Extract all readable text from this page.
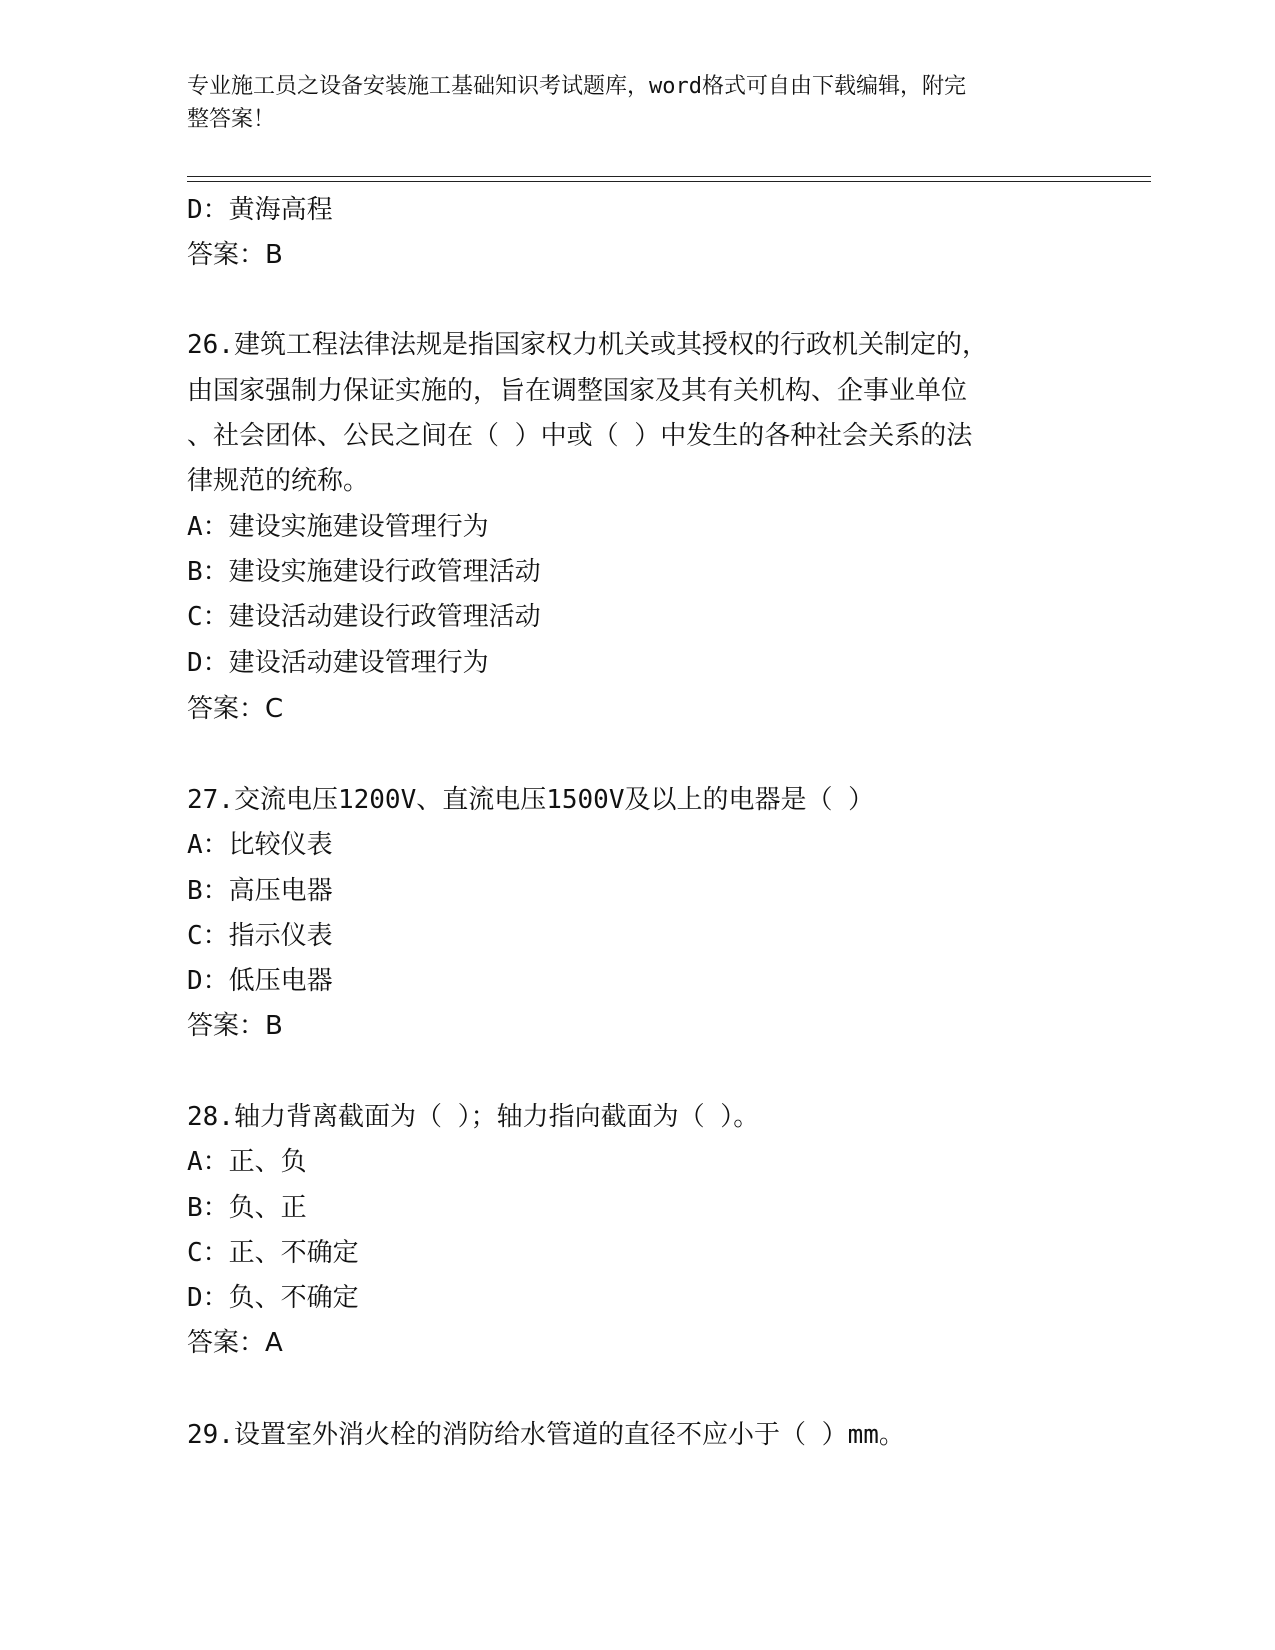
专业施工员之设备安装施工基础知识考试题库，word格式可自由下载编辑，附完
整答案！
D：黄海高程
答案：B
26.建筑工程法律法规是指国家权力机关或其授权的行政机关制定的，
由国家强制力保证实施的，旨在调整国家及其有关机构、企事业单位
、社会团体、公民之间在（ ）中或（ ）中发生的各种社会关系的法
律规范的统称。
A：建设实施建设管理行为
B：建设实施建设行政管理活动
C：建设活动建设行政管理活动
D：建设活动建设管理行为
答案：C
27.交流电压1200V、直流电压1500V及以上的电器是（ ）
A：比较仪表
B：高压电器
C：指示仪表
D：低压电器
答案：B
28.轴力背离截面为（ ）；轴力指向截面为（ ）。
A：正、负
B：负、正
C：正、不确定
D：负、不确定
答案：A
29.设置室外消火栓的消防给水管道的直径不应小于（ ）mm。
